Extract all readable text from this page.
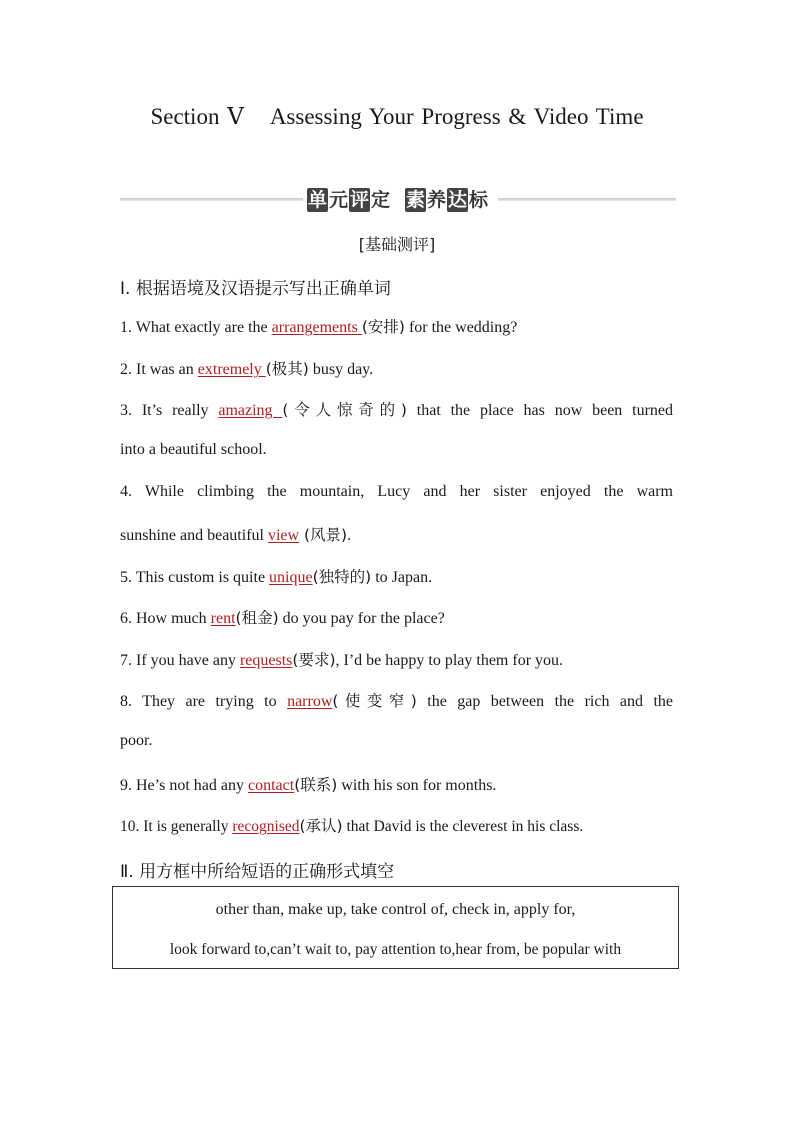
Section Ⅴ Assessing Your Progress & Video Time
单 元 评 定 素 养 达 标
[基础测评]
Ⅰ. 根据语境及汉语提示写出正确单词
1. What exactly are the arrangements (安排) for the wedding?
2. It was an extremely (极其) busy day.
3. It’s really amazing (令人惊奇的) that the place has now been turned
into a beautiful school.
4. While climbing the mountain, Lucy and her sister enjoyed the warm
sunshine and beautiful view (风景).
5. This custom is quite unique(独特的) to Japan.
6. How much rent(租金) do you pay for the place?
7. If you have any requests(要求), I’d be happy to play them for you.
8. They are trying to narrow(使变窄) the gap between the rich and the
poor.
9. He’s not had any contact(联系) with his son for months.
10. It is generally recognised(承认) that David is the cleverest in his class.
Ⅱ. 用方框中所给短语的正确形式填空
other than, make up, take control of, check in, apply for,
look forward to,can’t wait to, pay attention to,hear from, be popular with
